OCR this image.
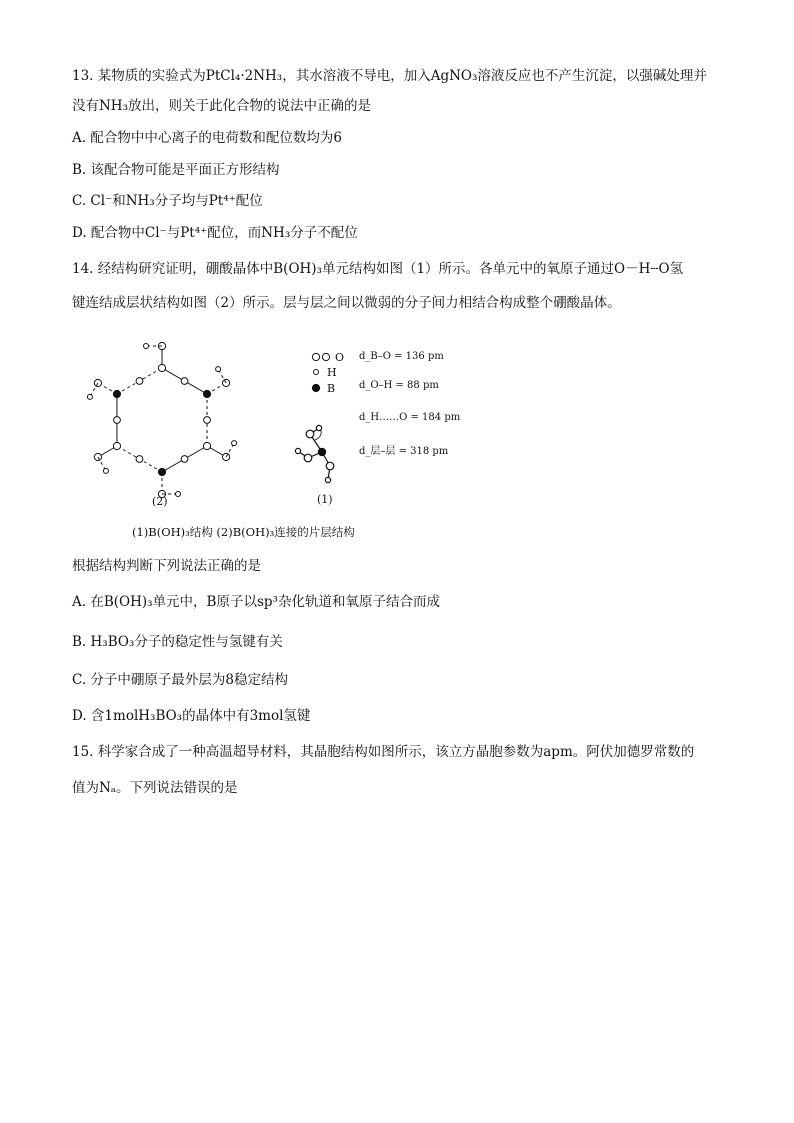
13. 某物质的实验式为PtCl₄·2NH₃，其水溶液不导电，加入AgNO₃溶液反应也不产生沉淀，以强碱处理并
没有NH₃放出，则关于此化合物的说法中正确的是
A. 配合物中中心离子的电荷数和配位数均为6
B. 该配合物可能是平面正方形结构
C. Cl⁻和NH₃分子均与Pt⁴⁺配位
D. 配合物中Cl⁻与Pt⁴⁺配位，而NH₃分子不配位
14. 经结构研究证明，硼酸晶体中B(OH)₃单元结构如图（1）所示。各单元中的氧原子通过O－H┄O氢
键连结成层状结构如图（2）所示。层与层之间以微弱的分子间力相结合构成整个硼酸晶体。
O
H
B
d_B–O = 136 pm
d_O–H = 88 pm
d_H……O = 184 pm
d_层–层 = 318 pm
(2)	(1)
(1)B(OH)₃结构 (2)B(OH)₃连接的片层结构
根据结构判断下列说法正确的是
A. 在B(OH)₃单元中，B原子以sp³杂化轨道和氧原子结合而成
B. H₃BO₃分子的稳定性与氢键有关
C. 分子中硼原子最外层为8稳定结构
D. 含1molH₃BO₃的晶体中有3mol氢键
15. 科学家合成了一种高温超导材料，其晶胞结构如图所示，该立方晶胞参数为apm。阿伏加德罗常数的
值为Nₐ。下列说法错误的是
